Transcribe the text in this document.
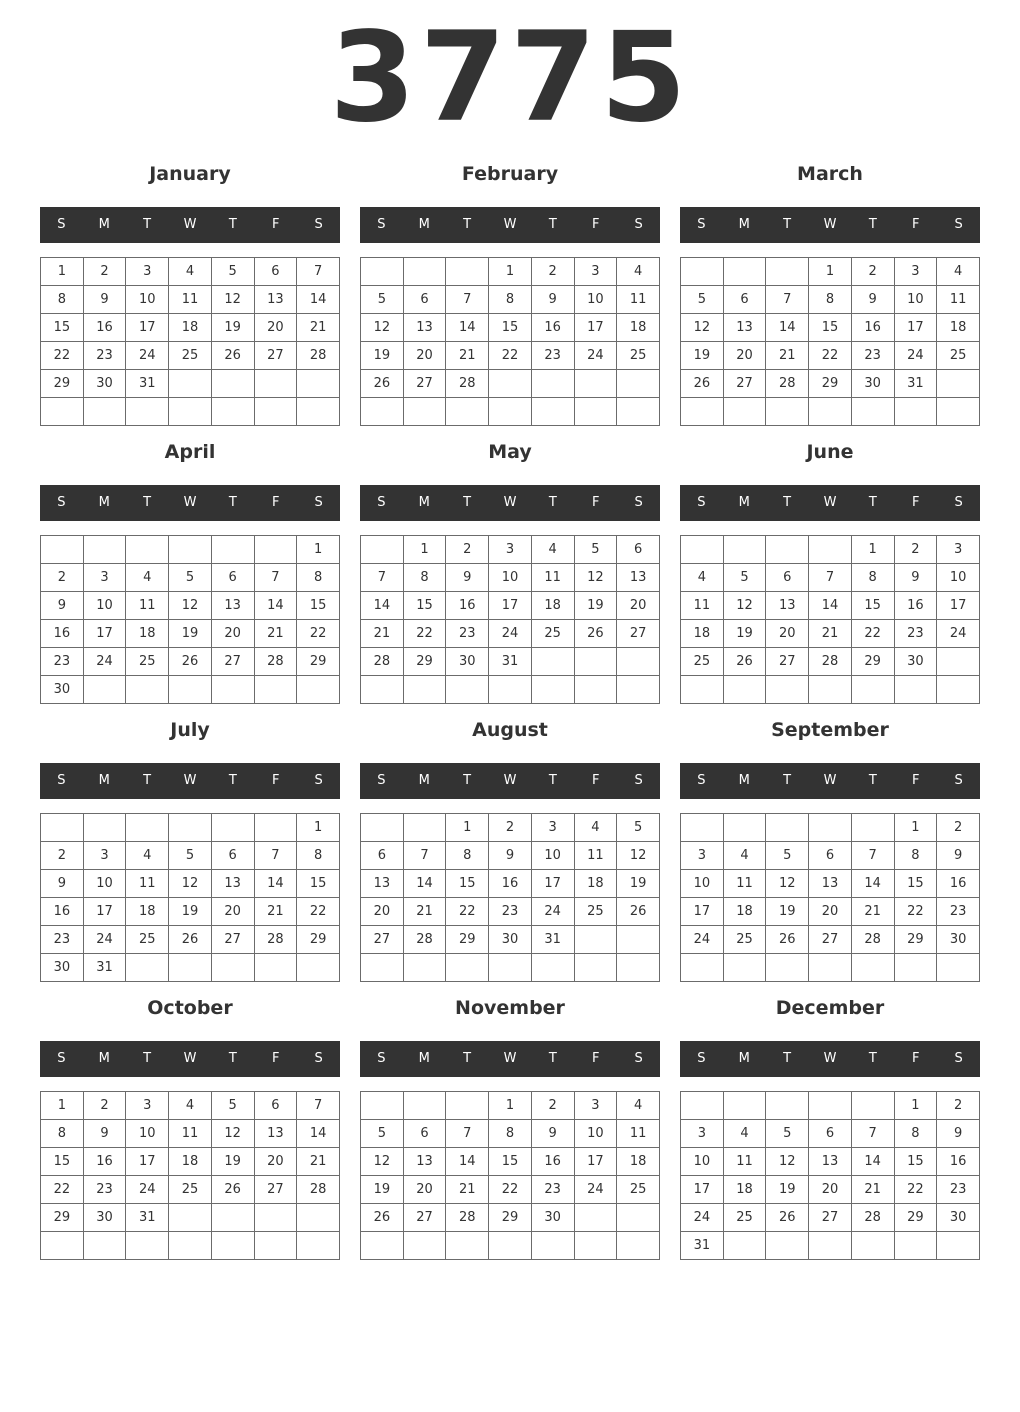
3775
January
S	M	T	W	T	F	S
1	2	3	4	5	6	7
8	9	10	11	12	13	14
15	16	17	18	19	20	21
22	23	24	25	26	27	28
29	30	31				

February
S	M	T	W	T	F	S
			1	2	3	4
5	6	7	8	9	10	11
12	13	14	15	16	17	18
19	20	21	22	23	24	25
26	27	28				

March
S	M	T	W	T	F	S
			1	2	3	4
5	6	7	8	9	10	11
12	13	14	15	16	17	18
19	20	21	22	23	24	25
26	27	28	29	30	31	

April
S	M	T	W	T	F	S
						1
2	3	4	5	6	7	8
9	10	11	12	13	14	15
16	17	18	19	20	21	22
23	24	25	26	27	28	29
30						
May
S	M	T	W	T	F	S
	1	2	3	4	5	6
7	8	9	10	11	12	13
14	15	16	17	18	19	20
21	22	23	24	25	26	27
28	29	30	31			

June
S	M	T	W	T	F	S
				1	2	3
4	5	6	7	8	9	10
11	12	13	14	15	16	17
18	19	20	21	22	23	24
25	26	27	28	29	30	

July
S	M	T	W	T	F	S
						1
2	3	4	5	6	7	8
9	10	11	12	13	14	15
16	17	18	19	20	21	22
23	24	25	26	27	28	29
30	31					
August
S	M	T	W	T	F	S
		1	2	3	4	5
6	7	8	9	10	11	12
13	14	15	16	17	18	19
20	21	22	23	24	25	26
27	28	29	30	31		

September
S	M	T	W	T	F	S
					1	2
3	4	5	6	7	8	9
10	11	12	13	14	15	16
17	18	19	20	21	22	23
24	25	26	27	28	29	30

October
S	M	T	W	T	F	S
1	2	3	4	5	6	7
8	9	10	11	12	13	14
15	16	17	18	19	20	21
22	23	24	25	26	27	28
29	30	31				

November
S	M	T	W	T	F	S
			1	2	3	4
5	6	7	8	9	10	11
12	13	14	15	16	17	18
19	20	21	22	23	24	25
26	27	28	29	30		

December
S	M	T	W	T	F	S
					1	2
3	4	5	6	7	8	9
10	11	12	13	14	15	16
17	18	19	20	21	22	23
24	25	26	27	28	29	30
31						
